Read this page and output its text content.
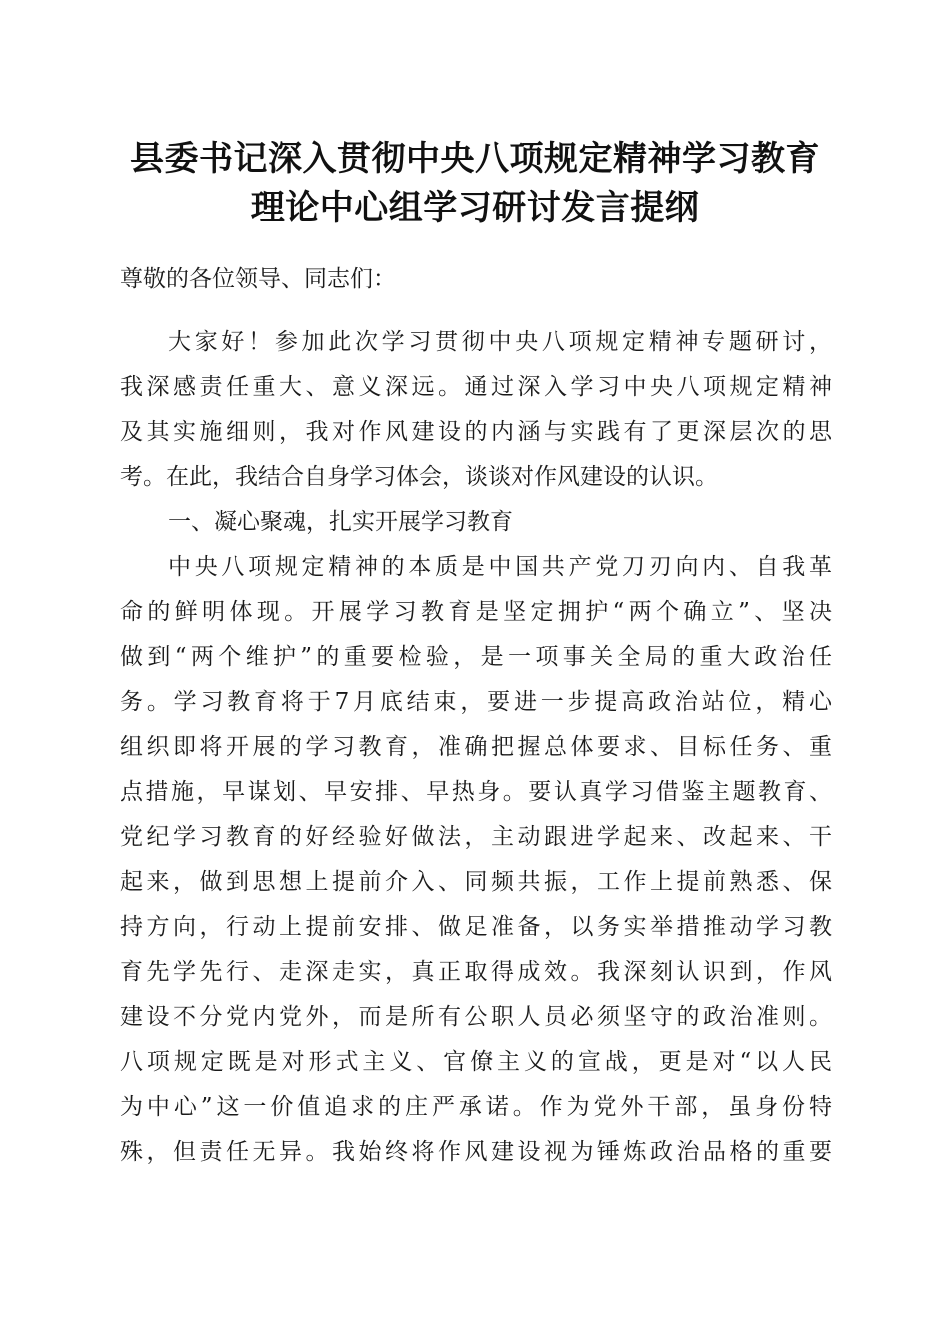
县委书记深入贯彻中央八项规定精神学习教育
理论中心组学习研讨发言提纲
尊敬的各位领导、同志们：
大家好！参加此次学习贯彻中央八项规定精神专题研讨，
我深感责任重大、意义深远。通过深入学习中央八项规定精神
及其实施细则，我对作风建设的内涵与实践有了更深层次的思
考。在此，我结合自身学习体会，谈谈对作风建设的认识。
一、凝心聚魂，扎实开展学习教育
中央八项规定精神的本质是中国共产党刀刃向内、自我革
命的鲜明体现。开展学习教育是坚定拥护“两个确立”、坚决
做到“两个维护”的重要检验，是一项事关全局的重大政治任
务。学习教育将于7月底结束，要进一步提高政治站位，精心
组织即将开展的学习教育，准确把握总体要求、目标任务、重
点措施，早谋划、早安排、早热身。要认真学习借鉴主题教育、
党纪学习教育的好经验好做法，主动跟进学起来、改起来、干
起来，做到思想上提前介入、同频共振，工作上提前熟悉、保
持方向，行动上提前安排、做足准备，以务实举措推动学习教
育先学先行、走深走实，真正取得成效。我深刻认识到，作风
建设不分党内党外，而是所有公职人员必须坚守的政治准则。
八项规定既是对形式主义、官僚主义的宣战，更是对“以人民
为中心”这一价值追求的庄严承诺。作为党外干部，虽身份特
殊，但责任无异。我始终将作风建设视为锤炼政治品格的重要
